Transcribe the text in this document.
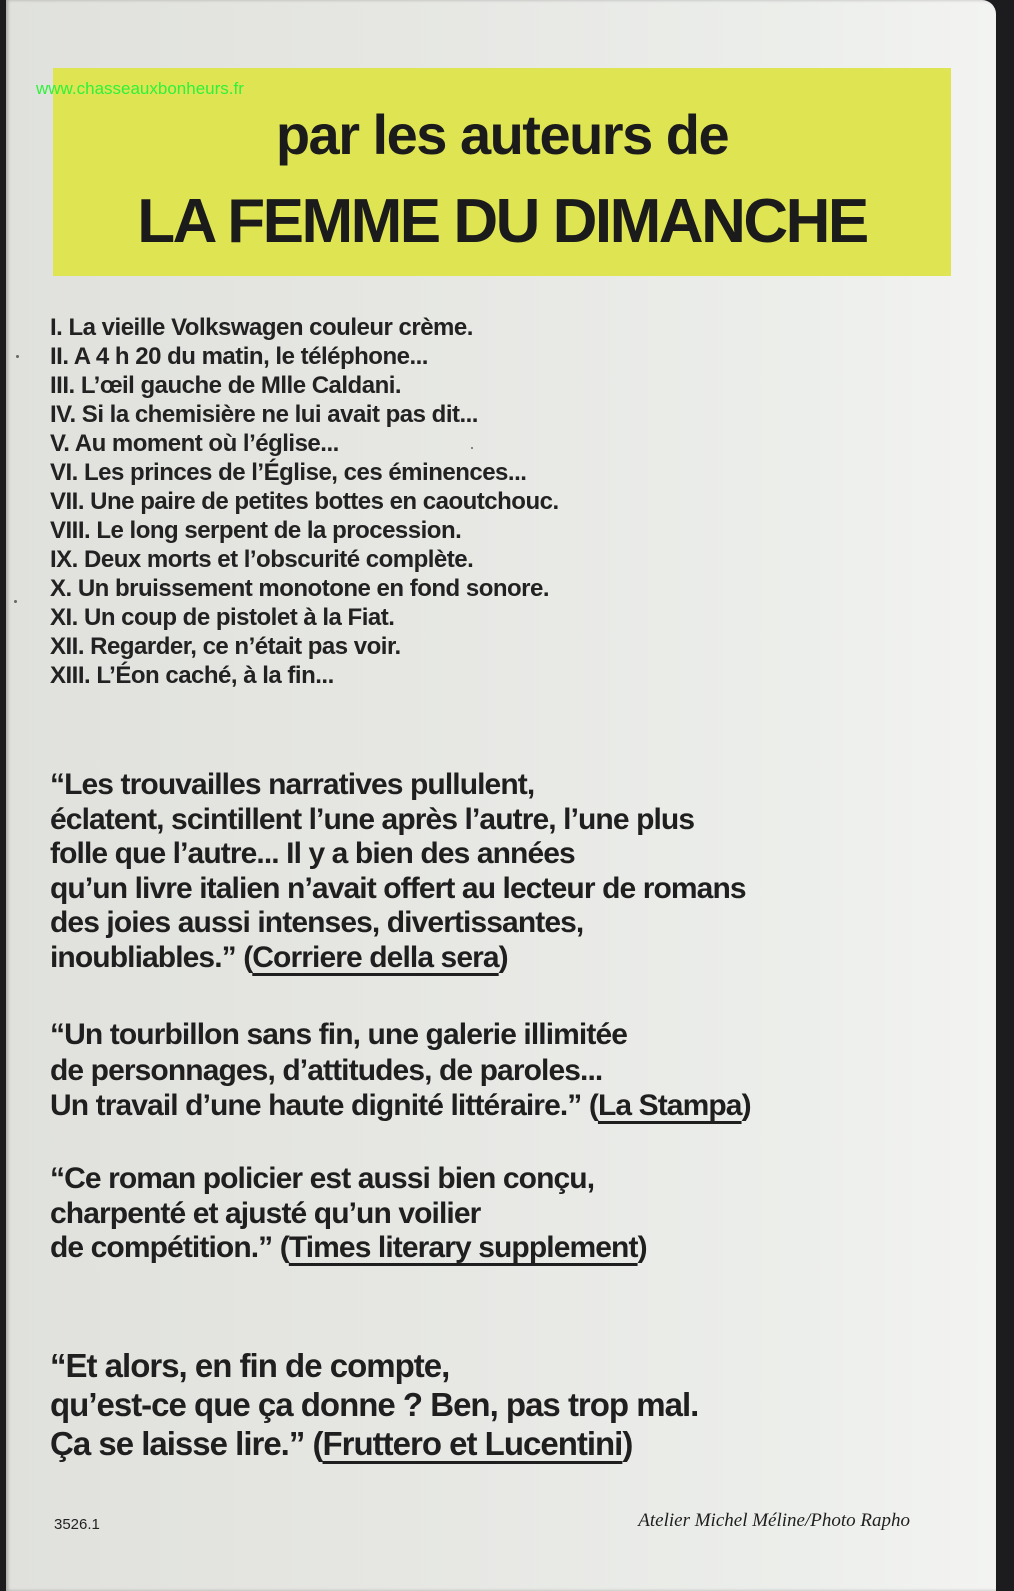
par les auteurs de
LA FEMME DU DIMANCHE
www.chasseauxbonheurs.fr
I. La vieille Volkswagen couleur crème.
II. A 4 h 20 du matin, le téléphone...
III. L’œil gauche de Mlle Caldani.
IV. Si la chemisière ne lui avait pas dit...
V. Au moment où l’église...
VI. Les princes de l’Église, ces éminences...
VII. Une paire de petites bottes en caoutchouc.
VIII. Le long serpent de la procession.
IX. Deux morts et l’obscurité complète.
X. Un bruissement monotone en fond sonore.
XI. Un coup de pistolet à la Fiat.
XII. Regarder, ce n’était pas voir.
XIII. L’Éon caché, à la fin...
“Les trouvailles narratives pullulent,
éclatent, scintillent l’une après l’autre, l’une plus
folle que l’autre... Il y a bien des années
qu’un livre italien n’avait offert au lecteur de romans
des joies aussi intenses, divertissantes,
inoubliables.” (Corriere della sera)
“Un tourbillon sans fin, une galerie illimitée
de personnages, d’attitudes, de paroles...
Un travail d’une haute dignité littéraire.” (La Stampa)
“Ce roman policier est aussi bien conçu,
charpenté et ajusté qu’un voilier
de compétition.” (Times literary supplement)
“Et alors, en fin de compte,
qu’est-ce que ça donne ? Ben, pas trop mal.
Ça se laisse lire.” (Fruttero et Lucentini)
3526.1	Atelier Michel Méline/Photo Rapho
